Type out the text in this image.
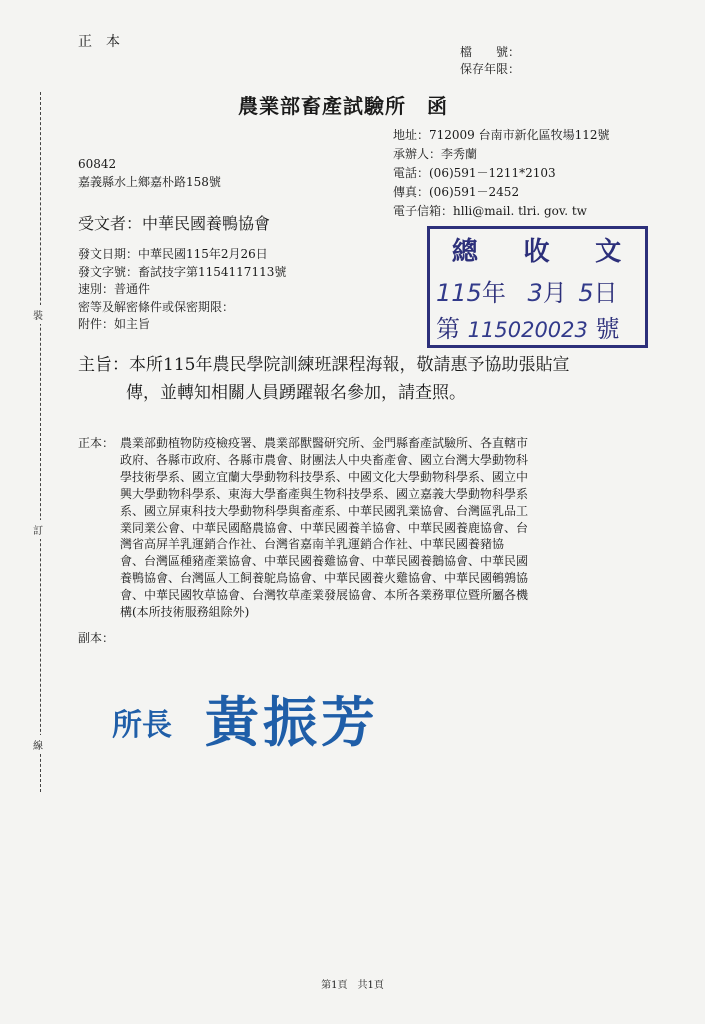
正　本
檔　　號：
保存年限：
農業部畜產試驗所　函
地址：712009 台南市新化區牧場112號
承辦人：李秀蘭
電話：(06)591－1211*2103
傳真：(06)591－2452
電子信箱：hlli@mail. tlri. gov. tw
60842
嘉義縣水上鄉嘉朴路158號
受文者：中華民國養鴨協會
發文日期：中華民國115年2月26日
發文字號：畜試技字第1154117113號
速別：普通件
密等及解密條件或保密期限：
附件：如主旨
總 收 文
115年 3月 5日
第 115020023 號
主旨：本所115年農民學院訓練班課程海報，敬請惠予協助張貼宣
傳，並轉知相關人員踴躍報名參加，請查照。
正本： 農業部動植物防疫檢疫署、農業部獸醫研究所、金門縣畜產試驗所、各直轄市
政府、各縣市政府、各縣市農會、財團法人中央畜產會、國立台灣大學動物科
學技術學系、國立宜蘭大學動物科技學系、中國文化大學動物科學系、國立中
興大學動物科學系、東海大學畜產與生物科技學系、國立嘉義大學動物科學系
系、國立屏東科技大學動物科學與畜產系、中華民國乳業協會、台灣區乳品工
業同業公會、中華民國酪農協會、中華民國養羊協會、中華民國養鹿協會、台
灣省高屏羊乳運銷合作社、台灣省嘉南羊乳運銷合作社、中華民國養豬協
會、台灣區種豬產業協會、中華民國養雞協會、中華民國養鵝協會、中華民國
養鴨協會、台灣區人工飼養鴕鳥協會、中華民國養火雞協會、中華民國鵪鶉協
會、中華民國牧草協會、台灣牧草產業發展協會、本所各業務單位暨所屬各機
構(本所技術服務組除外)
副本：
裝
訂
線
所長 黃振芳
第1頁　共1頁
